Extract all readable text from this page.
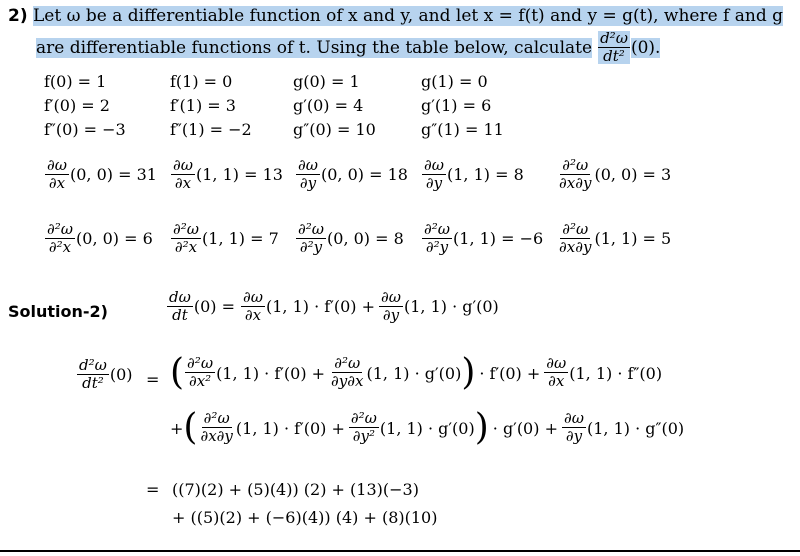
2) Let ω be a differentiable function of x and y, and let x = f(t) and y = g(t), where f and g
are differentiable functions of t. Using the table below, calculate $\frac{\text{d²ω}}{\text{dt²}} (0)$.
f(0) = 1
f′(0) = 2
f″(0) = −3
f(1) = 0
f′(1) = 3
f″(1) = −2
g(0) = 1
g′(0) = 4
g″(0) = 10
g(1) = 0
g′(1) = 6
g″(1) = 11
$\frac{\partial\omega}{\partial x} (0$, $0) = 31 \frac{\partial\omega}{\partial x} (1$, $1) = 13 \frac{\partial\omega}{\partial y} (0$, $0) = 18 \frac{\partial\omega}{\partial y} (1$, $1) = 8 \frac{\text{∂²ω}}{\partial x\partial y} (0$, 0) = 3
$\frac{\text{∂²ω}}{\text{∂²x}} (0$, $0) = 6 \frac{\text{∂²ω}}{\text{∂²x}} (1$, $1) = 7 \frac{\text{∂²ω}}{\text{∂²y}} (0$, $0) = 8 \frac{\text{∂²ω}}{\text{∂²y}} (1$, $1) = -6 \frac{\text{∂²ω}}{\partial x\partial y} (1$, 1) = 5
Solution-2)	$\frac{d\omega}{dt} (0) = \frac{\partial\omega}{\partial x} (1$, $1) \cdot f'(0) + \frac{\partial\omega}{\partial y} (1$, 1) · g′(0)
$\frac{\text{d²ω}}{\text{dt²}} (0)$ = ( $\frac{\text{∂²ω}}{\text{∂x²}} (1$, $1) \cdot f'(0) + \frac{\text{∂²ω}}{\partial y\partial x} (1$, 1) · g′(0) ) · $f'(0) + \frac{\partial\omega}{\partial x} (1$, 1) · f″(0)
+ ( $\frac{\text{∂²ω}}{\partial x\partial y} (1$, $1) \cdot f'(0) + \frac{\text{∂²ω}}{\text{∂y²}} (1$, 1) · g′(0) ) · $g'(0) + \frac{\partial\omega}{\partial y} (1$, 1) · g″(0)
= ((7)(2) + (5)(4)) (2) + (13)(−3)
+ ((5)(2) + (−6)(4)) (4) + (8)(10)
